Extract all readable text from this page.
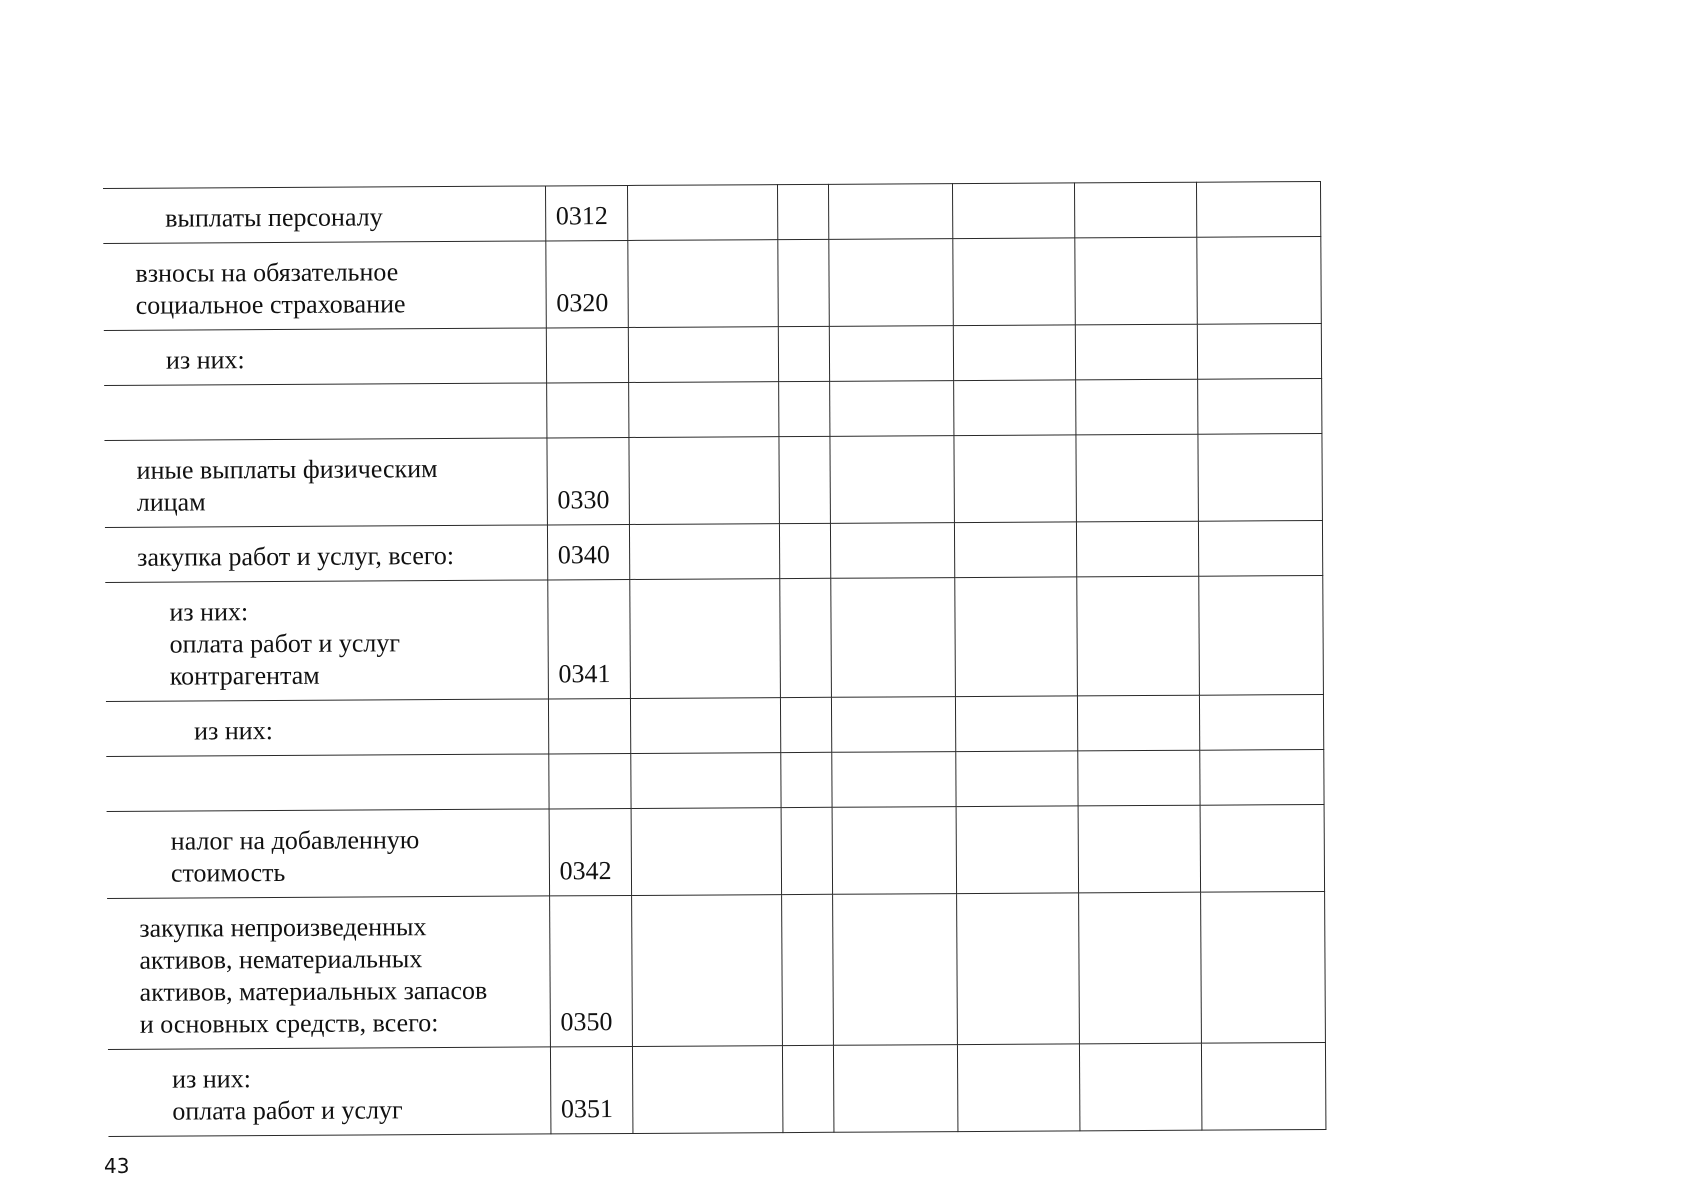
выплаты персоналу	0312						
взносы на обязательное
социальное страхование	0320						
из них:							

иные выплаты физическим
лицам	0330						
закупка работ и услуг, всего:	0340						
из них:
оплата работ и услуг
контрагентам	0341						
из них:							

налог на добавленную
стоимость	0342						
закупка непроизведенных
активов, нематериальных
активов, материальных запасов
и основных средств, всего:	0350						
из них:
оплата работ и услуг	0351						
43
